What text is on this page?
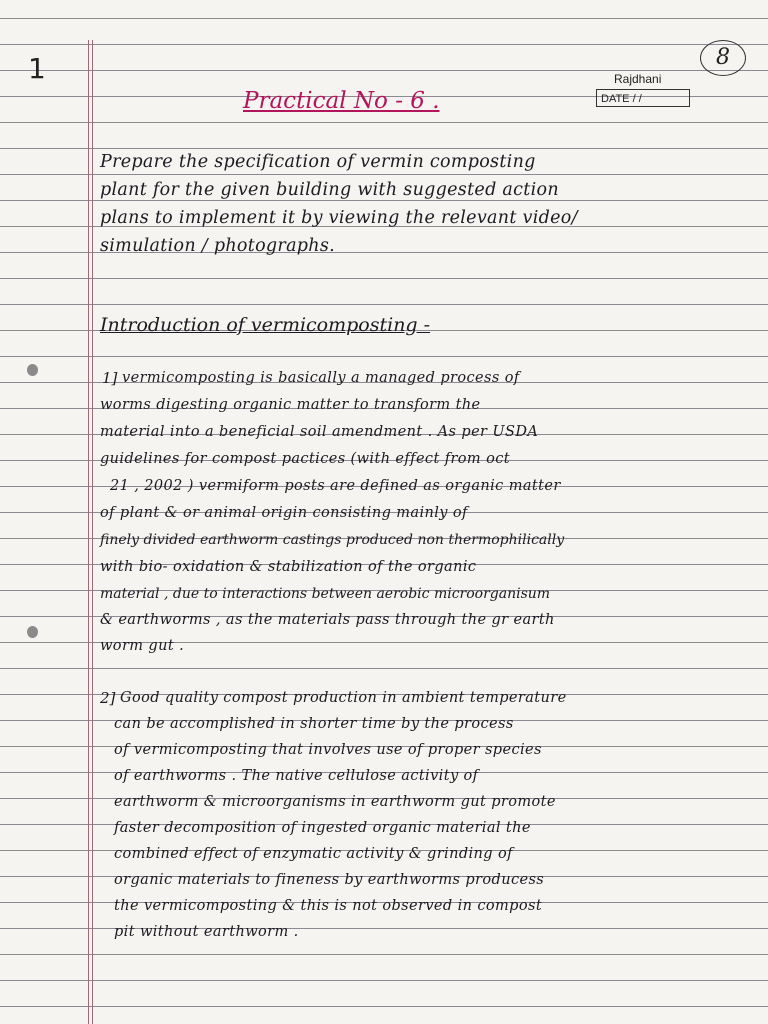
1	8
Rajdhani
DATE / /
Practical No - 6 .
Prepare the specification of vermin composting
plant for the given building with suggested action
plans to implement it by viewing the relevant video/
simulation / photographs.
Introduction of vermicomposting -
1] vermicomposting is basically a managed process of
worms digesting organic matter to transform the
material into a beneficial soil amendment . As per USDA
guidelines for compost pactices (with effect from oct
21 , 2002 ) vermiform posts are defined as organic matter
of plant & or animal origin consisting mainly of
finely divided earthworm castings produced non thermophilically
with bio- oxidation & stabilization of the organic
material , due to interactions between aerobic microorganisum
& earthworms , as the materials pass through the gr earth
worm gut .
2] Good quality compost production in ambient temperature
can be accomplished in shorter time by the process
of vermicomposting that involves use of proper species
of earthworms . The native cellulose activity of
earthworm & microorganisms in earthworm gut promote
faster decomposition of ingested organic material the
combined effect of enzymatic activity & grinding of
organic materials to fineness by earthworms producess
the vermicomposting & this is not observed in compost
pit without earthworm .
